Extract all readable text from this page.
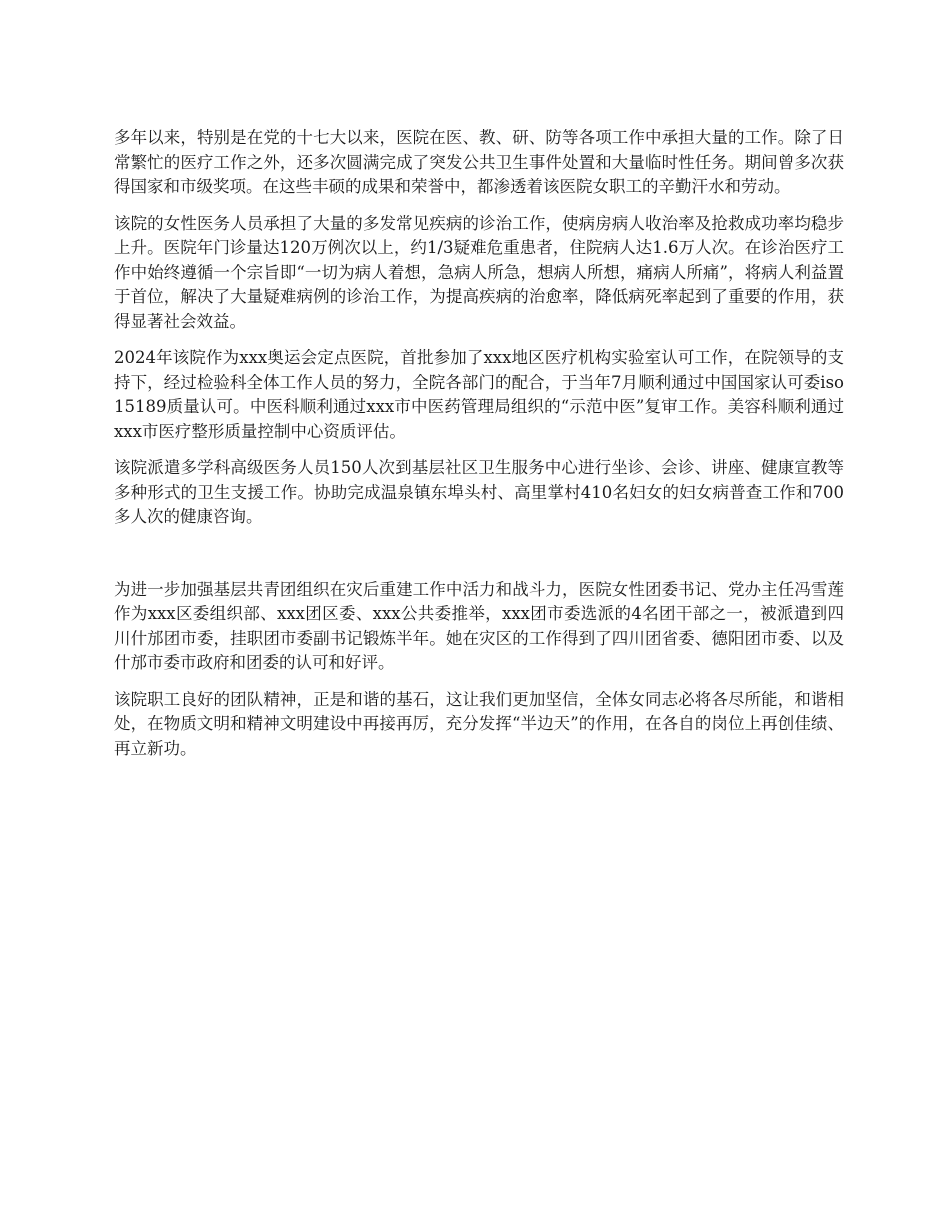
多年以来，特别是在党的十七大以来，医院在医、教、研、防等各项工作中承担大量的工作。除了日常繁忙的医疗工作之外，还多次圆满完成了突发公共卫生事件处置和大量临时性任务。期间曾多次获得国家和市级奖项。在这些丰硕的成果和荣誉中，都渗透着该医院女职工的辛勤汗水和劳动。

该院的女性医务人员承担了大量的多发常见疾病的诊治工作，使病房病人收治率及抢救成功率均稳步上升。医院年门诊量达120万例次以上，约1/3疑难危重患者，住院病人达1.6万人次。在诊治医疗工作中始终遵循一个宗旨即“一切为病人着想，急病人所急，想病人所想，痛病人所痛”，将病人利益置于首位，解决了大量疑难病例的诊治工作，为提高疾病的治愈率，降低病死率起到了重要的作用，获得显著社会效益。

2024年该院作为xxx奥运会定点医院，首批参加了xxx地区医疗机构实验室认可工作，在院领导的支持下，经过检验科全体工作人员的努力，全院各部门的配合，于当年7月顺利通过中国国家认可委iso15189质量认可。中医科顺利通过xxx市中医药管理局组织的“示范中医”复审工作。美容科顺利通过xxx市医疗整形质量控制中心资质评估。

该院派遣多学科高级医务人员150人次到基层社区卫生服务中心进行坐诊、会诊、讲座、健康宣教等多种形式的卫生支援工作。协助完成温泉镇东埠头村、高里掌村410名妇女的妇女病普查工作和700多人次的健康咨询。

为进一步加强基层共青团组织在灾后重建工作中活力和战斗力，医院女性团委书记、党办主任冯雪莲作为xxx区委组织部、xxx团区委、xxx公共委推举，xxx团市委选派的4名团干部之一，被派遣到四川什邡团市委，挂职团市委副书记锻炼半年。她在灾区的工作得到了四川团省委、德阳团市委、以及什邡市委市政府和团委的认可和好评。

该院职工良好的团队精神，正是和谐的基石，这让我们更加坚信，全体女同志必将各尽所能，和谐相处，在物质文明和精神文明建设中再接再厉，充分发挥“半边天”的作用，在各自的岗位上再创佳绩、再立新功。
